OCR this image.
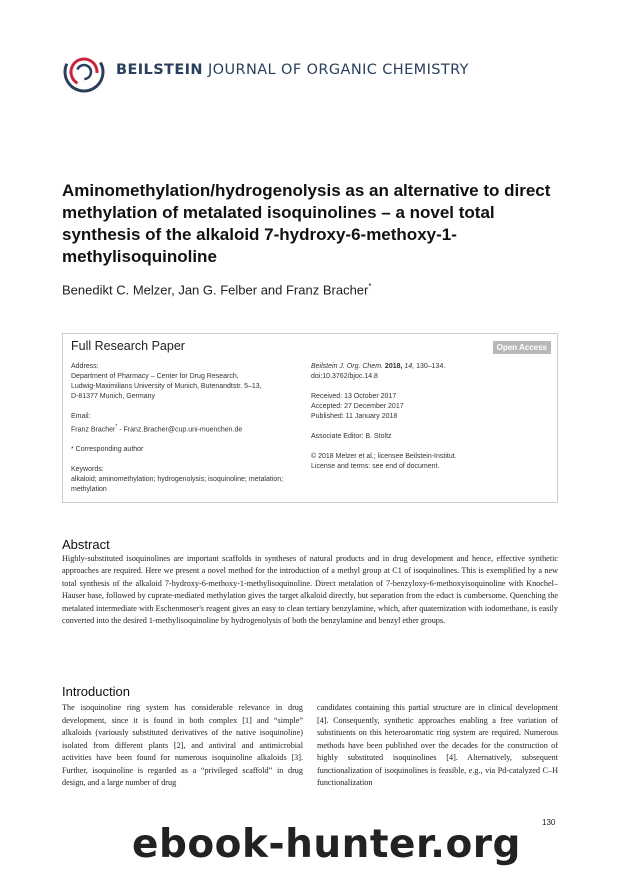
BEILSTEIN JOURNAL OF ORGANIC CHEMISTRY
Aminomethylation/hydrogenolysis as an alternative to direct methylation of metalated isoquinolines – a novel total synthesis of the alkaloid 7-hydroxy-6-methoxy-1-methylisoquinoline
Benedikt C. Melzer, Jan G. Felber and Franz Bracher*
Full Research Paper	Open Access
Address:
Department of Pharmacy – Center for Drug Research,
Ludwig-Maximilians University of Munich, Butenandtstr. 5–13,
D-81377 Munich, Germany
Email:
Franz Bracher* - Franz.Bracher@cup.uni-muenchen.de
* Corresponding author
Keywords:
alkaloid; aminomethylation; hydrogenolysis; isoquinoline; metalation;
methylation
Beilstein J. Org. Chem. 2018, 14, 130–134.
doi:10.3762/bjoc.14.8
Received: 13 October 2017
Accepted: 27 December 2017
Published: 11 January 2018
Associate Editor: B. Stoltz
© 2018 Melzer et al.; licensee Beilstein-Institut.
License and terms: see end of document.
Abstract

Highly-substituted isoquinolines are important scaffolds in syntheses of natural products and in drug development and hence, effective synthetic approaches are required. Here we present a novel method for the introduction of a methyl group at C1 of isoquinolines. This is exemplified by a new total synthesis of the alkaloid 7-hydroxy-6-methoxy-1-methylisoquinoline. Direct metalation of 7-benzyloxy-6-methoxyisoquinoline with Knochel–Hauser base, followed by cuprate-mediated methylation gives the target alkaloid directly, but separation from the educt is cumbersome. Quenching the metalated intermediate with Eschenmoser's reagent gives an easy to clean tertiary benzylamine, which, after quaternization with iodomethane, is easily converted into the desired 1-methylisoquinoline by hydrogenolysis of both the benzylamine and benzyl ether groups.

Introduction

The isoquinoline ring system has considerable relevance in drug development, since it is found in both complex [1] and “simple” alkaloids (variously substituted derivatives of the native isoquinoline) isolated from different plants [2], and antiviral and antimicrobial activities have been found for numerous isoquinoline alkaloids [3]. Further, isoquinoline is regarded as a “privileged scaffold” in drug design, and a large number of drug

candidates containing this partial structure are in clinical development [4]. Consequently, synthetic approaches enabling a free variation of substituents on this heteroaromatic ring system are required. Numerous methods have been published over the decades for the construction of highly substituted isoquinolines [4]. Alternatively, subsequent functionalization of isoquinolines is feasible, e.g., via Pd-catalyzed C–H functionalization

130
ebook-hunter.org
